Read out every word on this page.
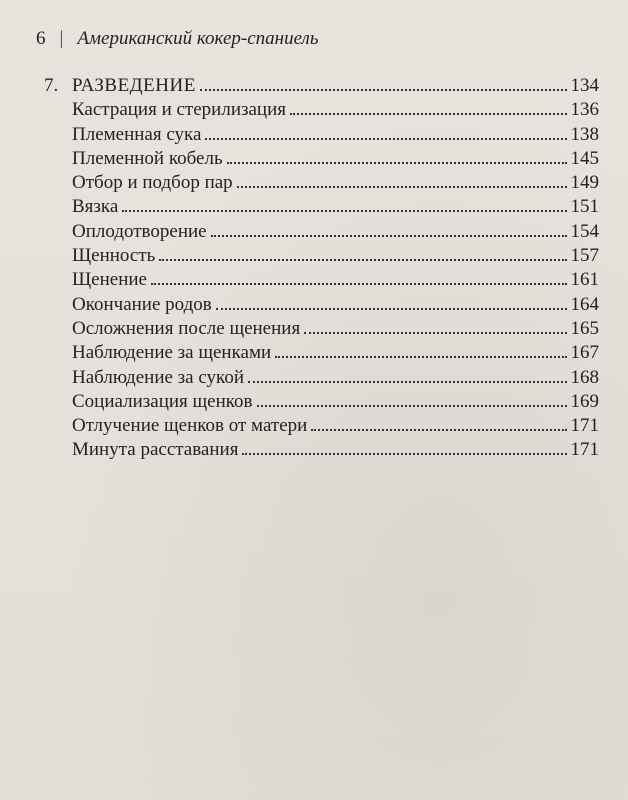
6 | Американский кокер-спаниель
7. РАЗВЕДЕНИЕ	134
Кастрация и стерилизация	136
Племенная сука	138
Племенной кобель	145
Отбор и подбор пар	149
Вязка	151
Оплодотворение	154
Щенность	157
Щенение	161
Окончание родов	164
Осложнения после щенения	165
Наблюдение за щенками	167
Наблюдение за сукой	168
Социализация щенков	169
Отлучение щенков от матери	171
Минута расставания	171
